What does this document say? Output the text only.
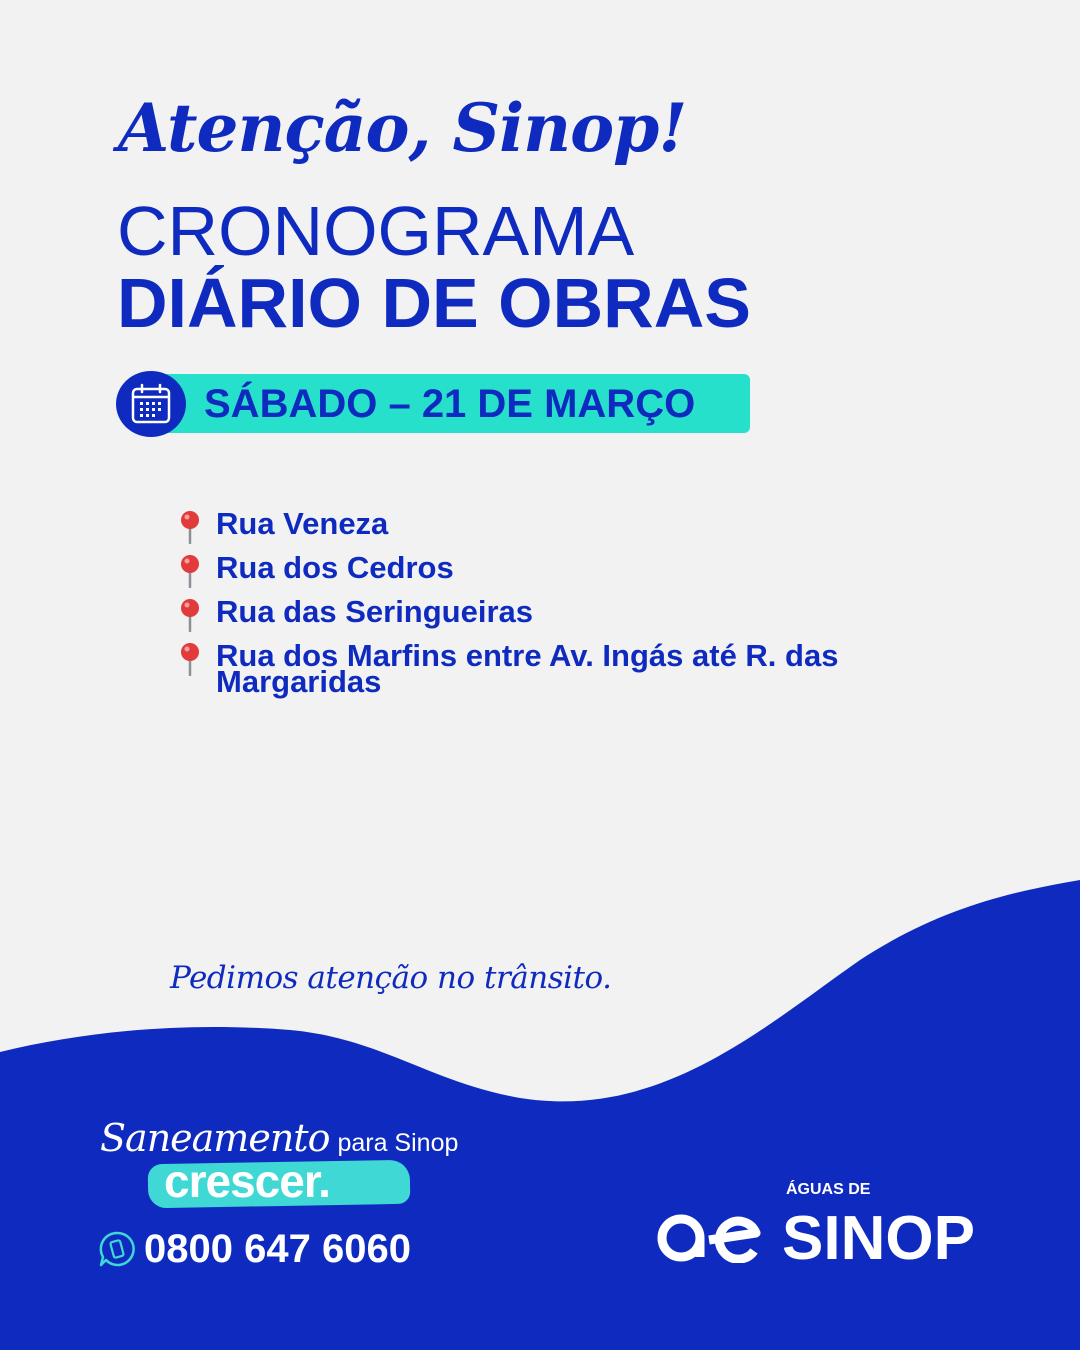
Atenção, Sinop!
CRONOGRAMA
DIÁRIO DE OBRAS
SÁBADO – 21 DE MARÇO
Rua Veneza
Rua dos Cedros
Rua das Seringueiras
Rua dos Marfins entre Av. Ingás até R. das Margaridas

Pedimos atenção no trânsito.

Saneamento para Sinop
crescer.
0800 647 6060
ÁGUAS DE
SINOP
